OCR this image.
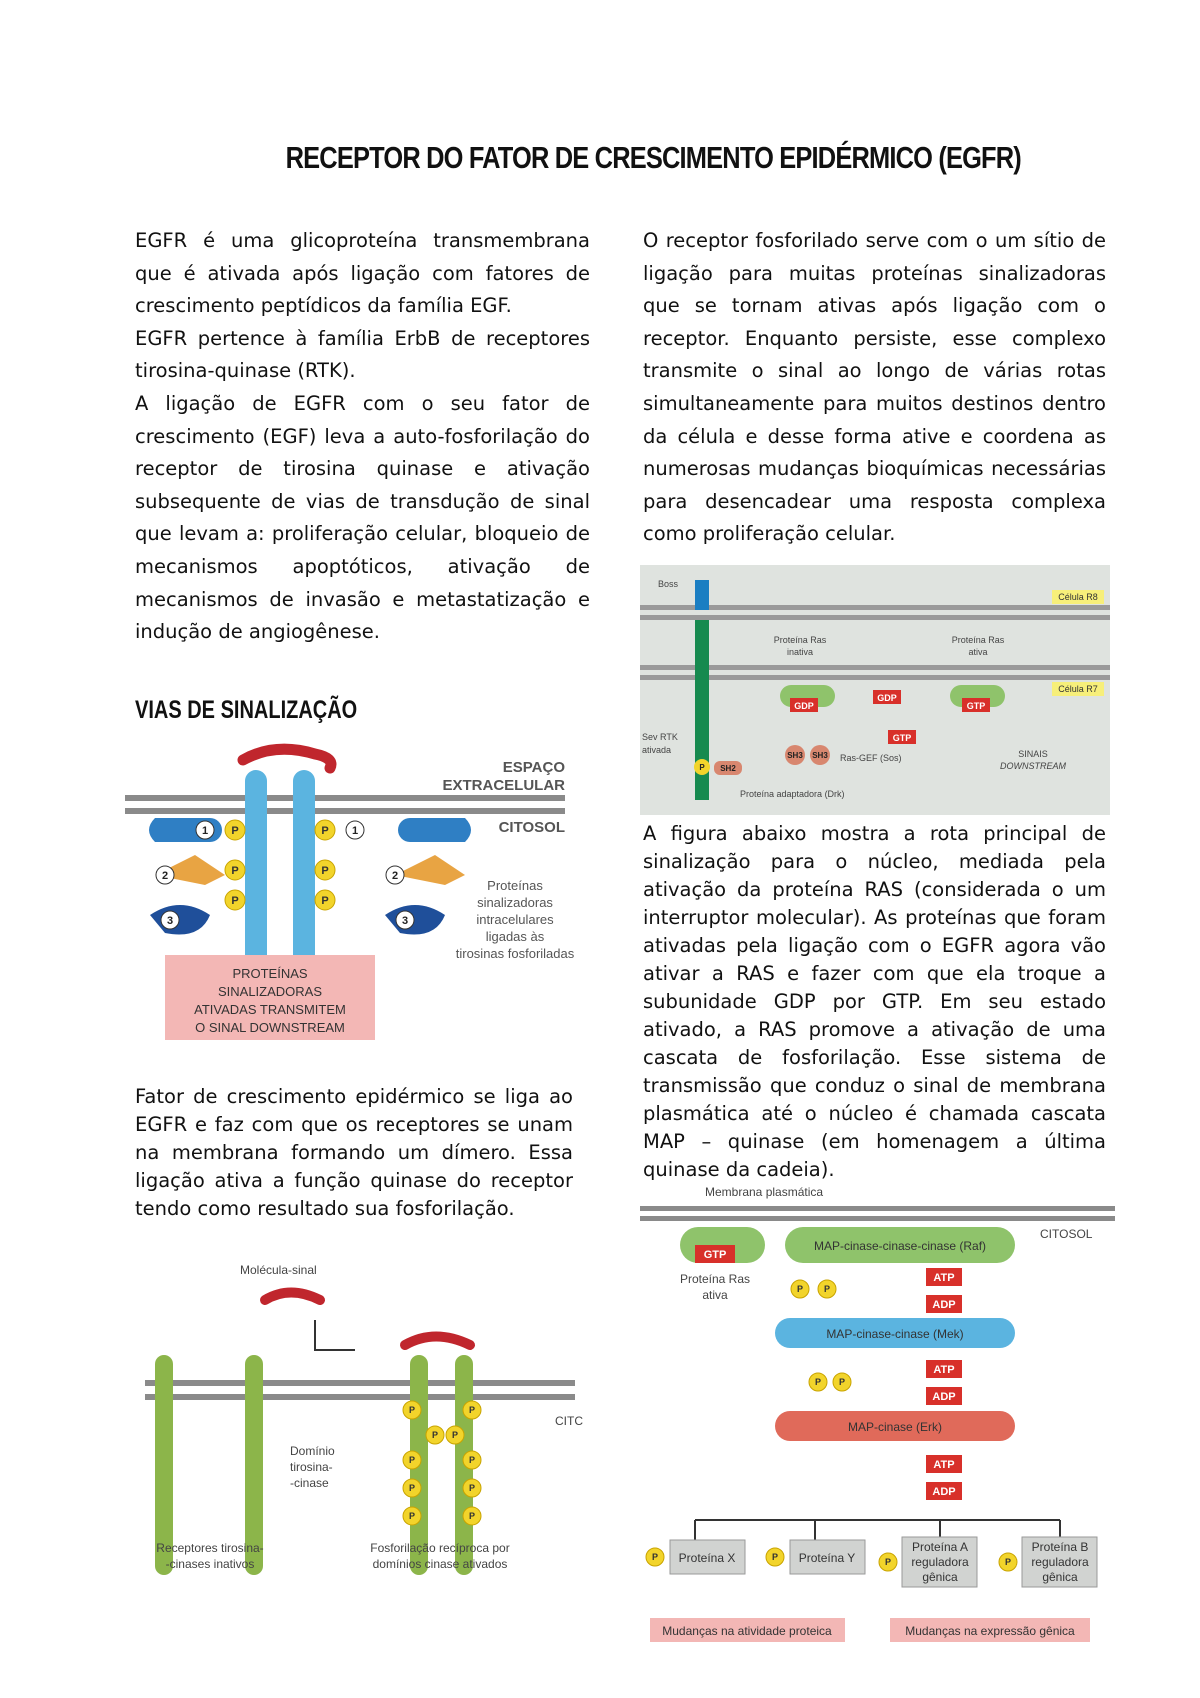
RECEPTOR DO FATOR DE CRESCIMENTO EPIDÉRMICO (EGFR)

EGFR é uma glicoproteína transmembrana que é ativada após ligação com fatores de crescimento peptídicos da família EGF.

EGFR pertence à família ErbB de receptores tirosina-quinase (RTK).

A ligação de EGFR com o seu fator de crescimento (EGF) leva a auto-fosforilação do receptor de tirosina quinase e ativação subsequente de vias de transdução de sinal que levam a: proliferação celular, bloqueio de mecanismos apoptóticos, ativação de mecanismos de invasão e metastatização e indução de angiogênese.

O receptor fosforilado serve com o um sítio de ligação para muitas proteínas sinalizadoras que se tornam ativas após ligação com o receptor. Enquanto persiste, esse complexo transmite o sinal ao longo de várias rotas simultaneamente para muitos destinos dentro da célula e desse forma ative e coordena as numerosas mudanças bioquímicas necessárias para desencadear uma resposta complexa como proliferação celular.

VIAS DE SINALIZAÇÃO
P
P
P
P
P
P
1
2
3
1
2
3
ESPAÇO
EXTRACELULAR
CITOSOL
Proteínas
sinalizadoras
intracelulares
ligadas às
tirosinas fosforiladas
PROTEÍNAS
SINALIZADORAS
ATIVADAS TRANSMITEM
O SINAL DOWNSTREAM
GDP
GDP
GTP
GTP
SH3 SH3
SH2
P
Boss
Sev RTK
ativada
Ras-GEF (Sos)
Proteína adaptadora (Drk)
Proteína Ras
inativa
Proteína Ras
ativa
SINAIS
DOWNSTREAM
Célula R8
Célula R7

Fator de crescimento epidérmico se liga ao EGFR e faz com que os receptores se unam na membrana formando um dímero. Essa ligação ativa a função quinase do receptor tendo como resultado sua fosforilação.

A figura abaixo mostra a rota principal de sinalização para o núcleo, mediada pela ativação da proteína RAS (considerada o um interruptor molecular). As proteínas que foram ativadas pela ligação com o EGFR agora vão ativar a RAS e fazer com que ela troque a subunidade GDP por GTP. Em seu estado ativado, a RAS promove a ativação de uma cascata de fosforilação. Esse sistema de transmissão que conduz o sinal de membrana plasmática até o núcleo é chamada cascata MAP – quinase (em homenagem a última quinase da cadeia).

P	P
P P
P	P
P	P
P	P
Molécula-sinal
CITC
Domínio
tirosina-
-cinase
Receptores tirosina-
-cinases inativos
Fosforilação recíproca por
domínios cinase ativados
GTP
ATP
ADP
ATP
ADP
ATP
ADP
MAP-cinase-cinase-cinase (Raf)
MAP-cinase-cinase (Mek)
MAP-cinase (Erk)
P P
P P
Membrana plasmática
CITOSOL
Proteína Ras
ativa
P	P	P	P
Proteína X	Proteína Y
Proteína A
reguladora
gênica
Proteína B
reguladora
gênica
Mudanças na atividade proteica	Mudanças na expressão gênica
